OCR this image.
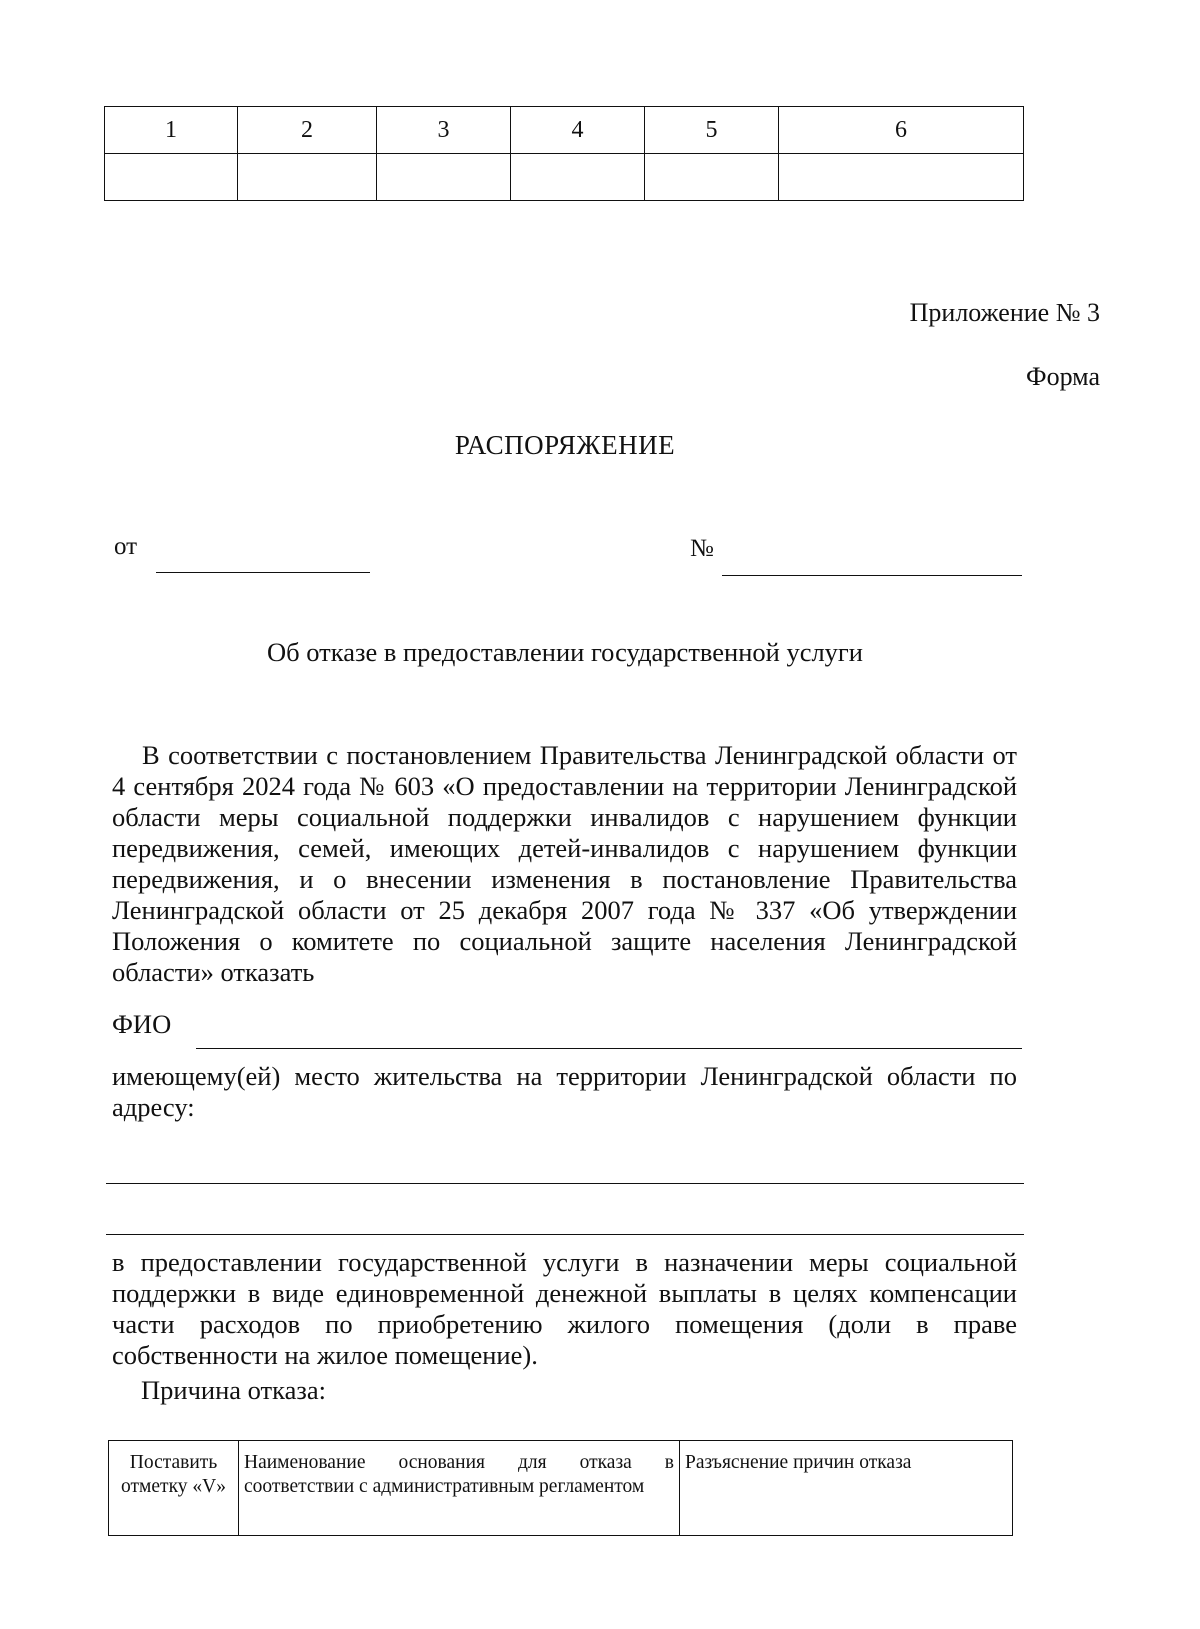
1	2	3	4	5	6

Приложение № 3
Форма
РАСПОРЯЖЕНИЕ
от	№
Об отказе в предоставлении государственной услуги

В соответствии с постановлением Правительства Ленинградской области от 4 сентября 2024 года № 603 «О предоставлении на территории Ленинградской области меры социальной поддержки инвалидов с нарушением функции передвижения, семей, имеющих детей-инвалидов с нарушением функции передвижения, и о внесении изменения в постановление Правительства Ленинградской области от 25 декабря 2007 года № 337 «Об утверждении Положения о комитете по социальной защите населения Ленинградской области» отказать

ФИО

имеющему(ей) место жительства на территории Ленинградской области по адресу:

в предоставлении государственной услуги в назначении меры социальной поддержки в виде единовременной денежной выплаты в целях компенсации части расходов по приобретению жилого помещения (доли в праве собственности на жилое помещение).

Причина отказа:
Поставить отметку «V»	Наименование основания для отказа в соответствии с административным регламентом	Разъяснение причин отказа
